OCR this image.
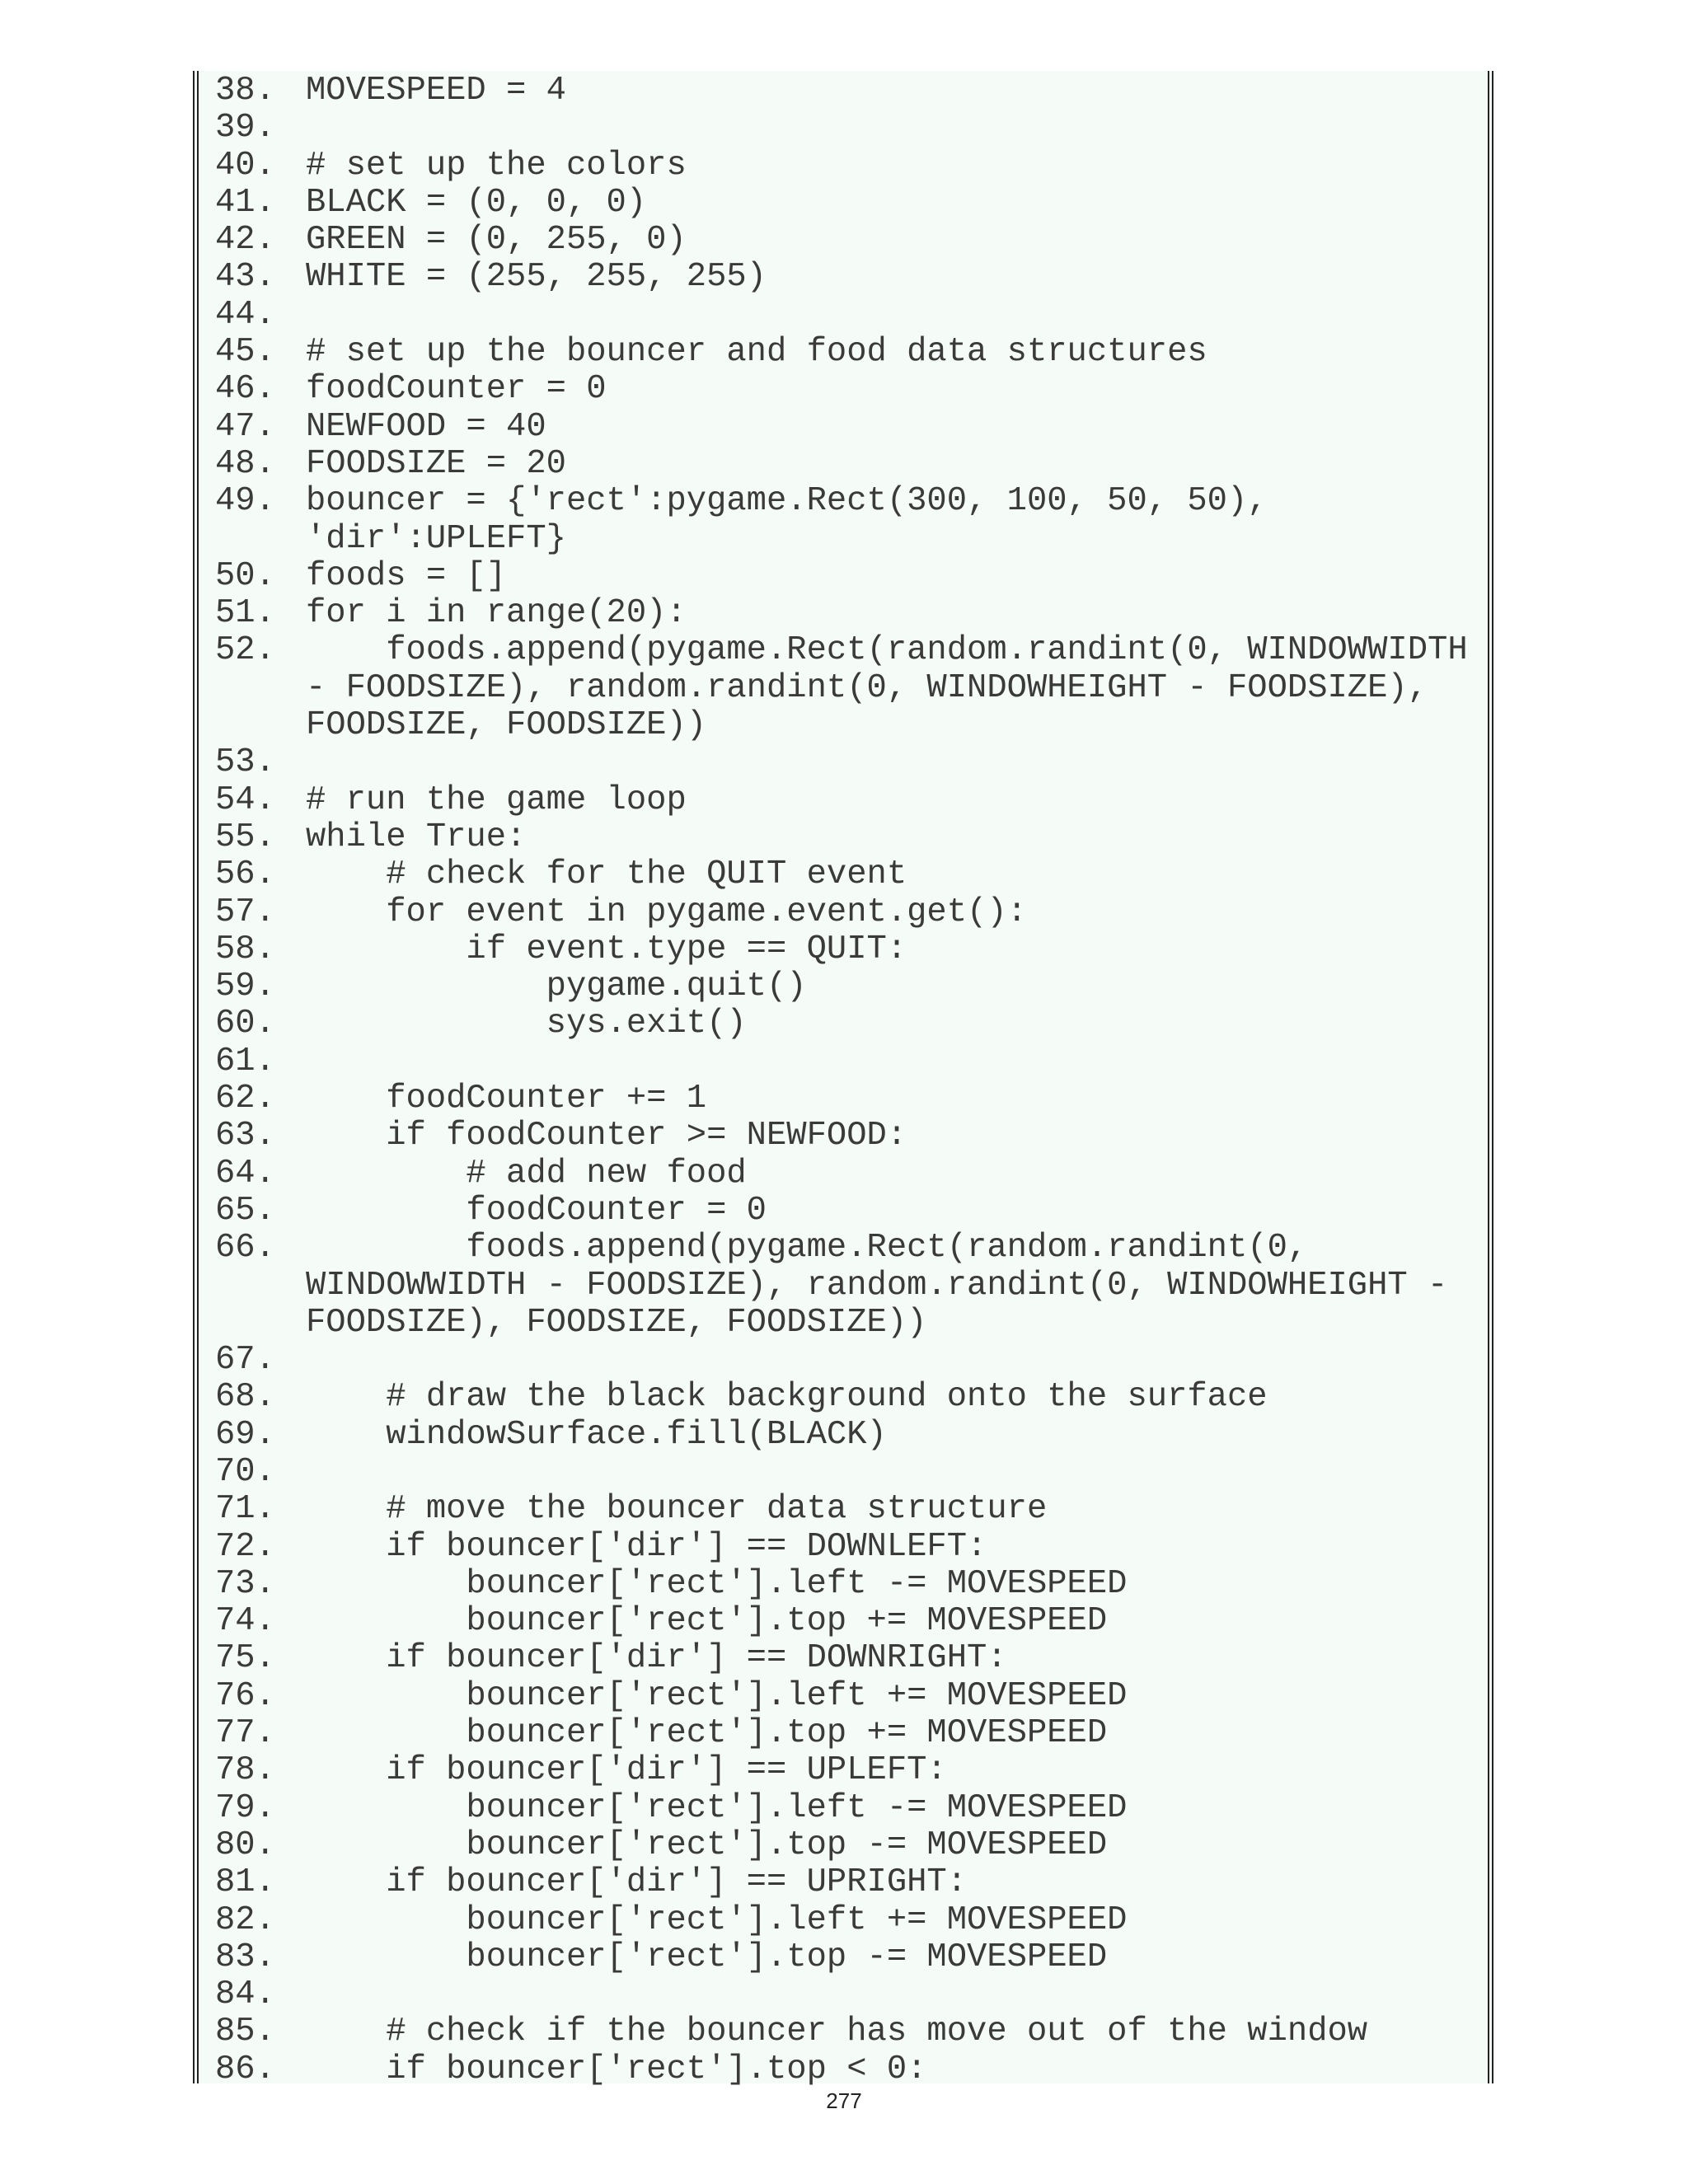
38. MOVESPEED = 4
39.
40. # set up the colors
41. BLACK = (0, 0, 0)
42. GREEN = (0, 255, 0)
43. WHITE = (255, 255, 255)
44.
45. # set up the bouncer and food data structures
46. foodCounter = 0
47. NEWFOOD = 40
48. FOODSIZE = 20
49. bouncer = {'rect':pygame.Rect(300, 100, 50, 50),
'dir':UPLEFT}
50. foods = []
51. for i in range(20):
52. foods.append(pygame.Rect(random.randint(0, WINDOWWIDTH
- FOODSIZE), random.randint(0, WINDOWHEIGHT - FOODSIZE),
FOODSIZE, FOODSIZE))
53.
54. # run the game loop
55. while True:
56. # check for the QUIT event
57. for event in pygame.event.get():
58. if event.type == QUIT:
59. pygame.quit()
60. sys.exit()
61.
62. foodCounter += 1
63. if foodCounter >= NEWFOOD:
64. # add new food
65. foodCounter = 0
66. foods.append(pygame.Rect(random.randint(0,
WINDOWWIDTH - FOODSIZE), random.randint(0, WINDOWHEIGHT -
FOODSIZE), FOODSIZE, FOODSIZE))
67.
68. # draw the black background onto the surface
69. windowSurface.fill(BLACK)
70.
71. # move the bouncer data structure
72. if bouncer['dir'] == DOWNLEFT:
73. bouncer['rect'].left -= MOVESPEED
74. bouncer['rect'].top += MOVESPEED
75. if bouncer['dir'] == DOWNRIGHT:
76. bouncer['rect'].left += MOVESPEED
77. bouncer['rect'].top += MOVESPEED
78. if bouncer['dir'] == UPLEFT:
79. bouncer['rect'].left -= MOVESPEED
80. bouncer['rect'].top -= MOVESPEED
81. if bouncer['dir'] == UPRIGHT:
82. bouncer['rect'].left += MOVESPEED
83. bouncer['rect'].top -= MOVESPEED
84.
85. # check if the bouncer has move out of the window
86. if bouncer['rect'].top < 0:
277
